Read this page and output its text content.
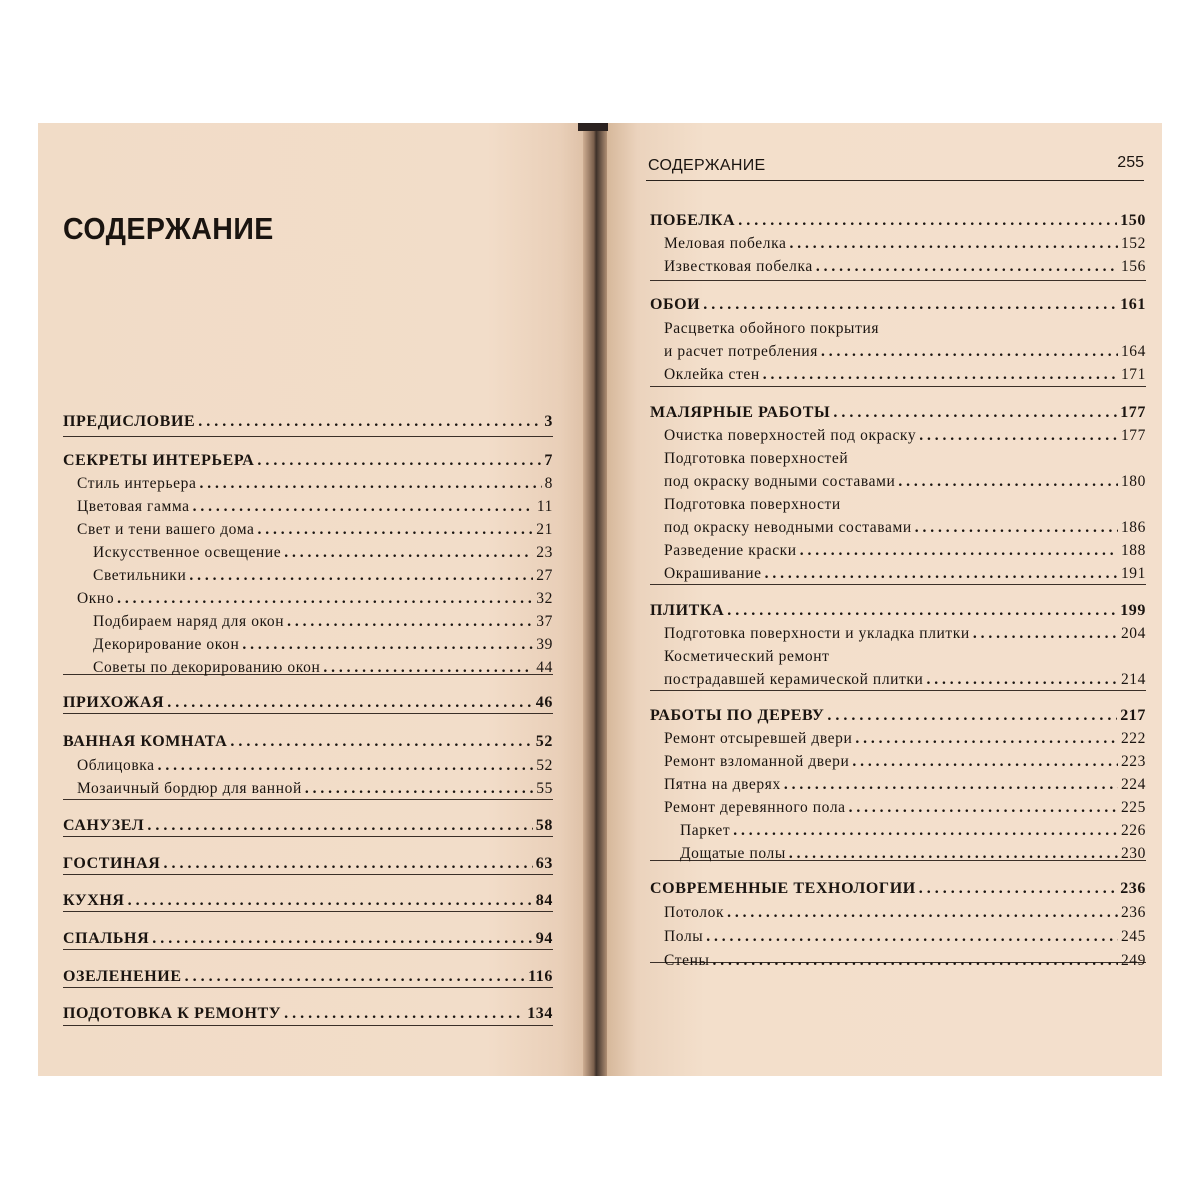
СОДЕРЖАНИЕ
ПРЕДИСЛОВИЕ . . .	3
СЕКРЕТЫ ИНТЕРЬЕРА . . .	7
Стиль интерьера . . .	8
Цветовая гамма . . .	11
Свет и тени вашего дома . . .	21
Искусственное освещение . . .	23
Светильники . . .	27
Окно . . .	32
Подбираем наряд для окон . . .	37
Декорирование окон . . .	39
Советы по декорированию окон . . .	44
ПРИХОЖАЯ . . .	46
ВАННАЯ КОМНАТА . . .	52
Облицовка . . .	52
Мозаичный бордюр для ванной . . .	55
САНУЗЕЛ . . .	58
ГОСТИНАЯ . . .	63
КУХНЯ . . .	84
СПАЛЬНЯ . . .	94
ОЗЕЛЕНЕНИЕ . . .	116
ПОДОТОВКА К РЕМОНТУ . . .	134
СОДЕРЖАНИЕ	255
ПОБЕЛКА . . .	150
Меловая побелка . . .	152
Известковая побелка . . .	156
ОБОИ . . .	161
Расцветка обойного покрытия
и расчет потребления . . .	164
Оклейка стен . . .	171
МАЛЯРНЫЕ РАБОТЫ . . .	177
Очистка поверхностей под окраску . . .	177
Подготовка поверхностей
под окраску водными составами . . .	180
Подготовка поверхности
под окраску неводными составами . . .	186
Разведение краски . . .	188
Окрашивание . . .	191
ПЛИТКА . . .	199
Подготовка поверхности и укладка плитки . . .	204
Косметический ремонт
пострадавшей керамической плитки . . .	214
РАБОТЫ ПО ДЕРЕВУ . . .	217
Ремонт отсыревшей двери . . .	222
Ремонт взломанной двери . . .	223
Пятна на дверях . . .	224
Ремонт деревянного пола . . .	225
Паркет . . .	226
Дощатые полы . . .	230
СОВРЕМЕННЫЕ ТЕХНОЛОГИИ . . .	236
Потолок . . .	236
Полы . . .	245
Стены . . .	249
